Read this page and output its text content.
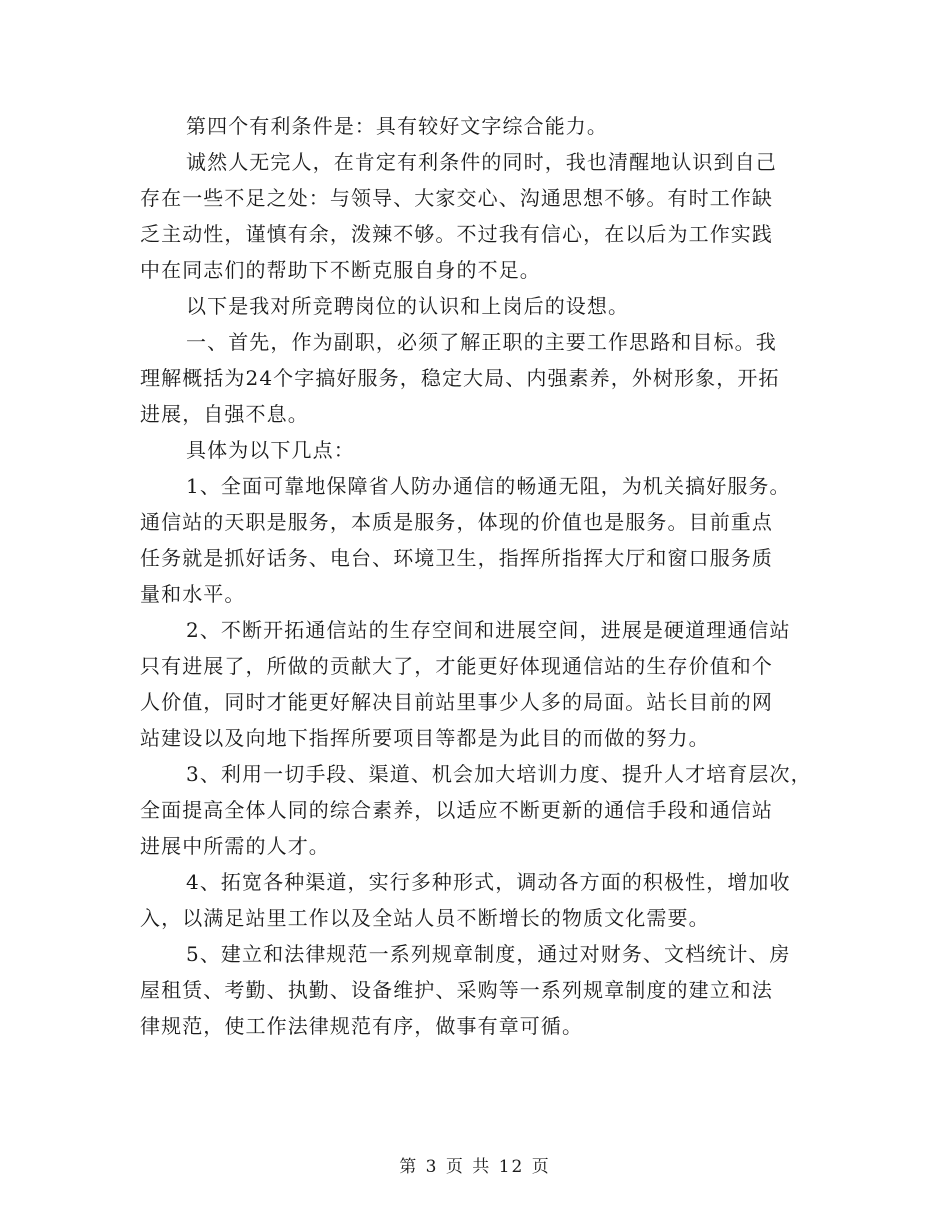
第四个有利条件是：具有较好文字综合能力。
诚然人无完人，在肯定有利条件的同时，我也清醒地认识到自己
存在一些不足之处：与领导、大家交心、沟通思想不够。有时工作缺
乏主动性，谨慎有余，泼辣不够。不过我有信心，在以后为工作实践
中在同志们的帮助下不断克服自身的不足。
以下是我对所竞聘岗位的认识和上岗后的设想。
一、首先，作为副职，必须了解正职的主要工作思路和目标。我
理解概括为24个字搞好服务，稳定大局、内强素养，外树形象，开拓
进展，自强不息。
具体为以下几点：
1、全面可靠地保障省人防办通信的畅通无阻，为机关搞好服务。
通信站的天职是服务，本质是服务，体现的价值也是服务。目前重点
任务就是抓好话务、电台、环境卫生，指挥所指挥大厅和窗口服务质
量和水平。
2、不断开拓通信站的生存空间和进展空间，进展是硬道理通信站
只有进展了，所做的贡献大了，才能更好体现通信站的生存价值和个
人价值，同时才能更好解决目前站里事少人多的局面。站长目前的网
站建设以及向地下指挥所要项目等都是为此目的而做的努力。
3、利用一切手段、渠道、机会加大培训力度、提升人才培育层次，
全面提高全体人同的综合素养，以适应不断更新的通信手段和通信站
进展中所需的人才。
4、拓宽各种渠道，实行多种形式，调动各方面的积极性，增加收
入，以满足站里工作以及全站人员不断增长的物质文化需要。
5、建立和法律规范一系列规章制度，通过对财务、文档统计、房
屋租赁、考勤、执勤、设备维护、采购等一系列规章制度的建立和法
律规范，使工作法律规范有序，做事有章可循。
第 3 页 共 12 页
